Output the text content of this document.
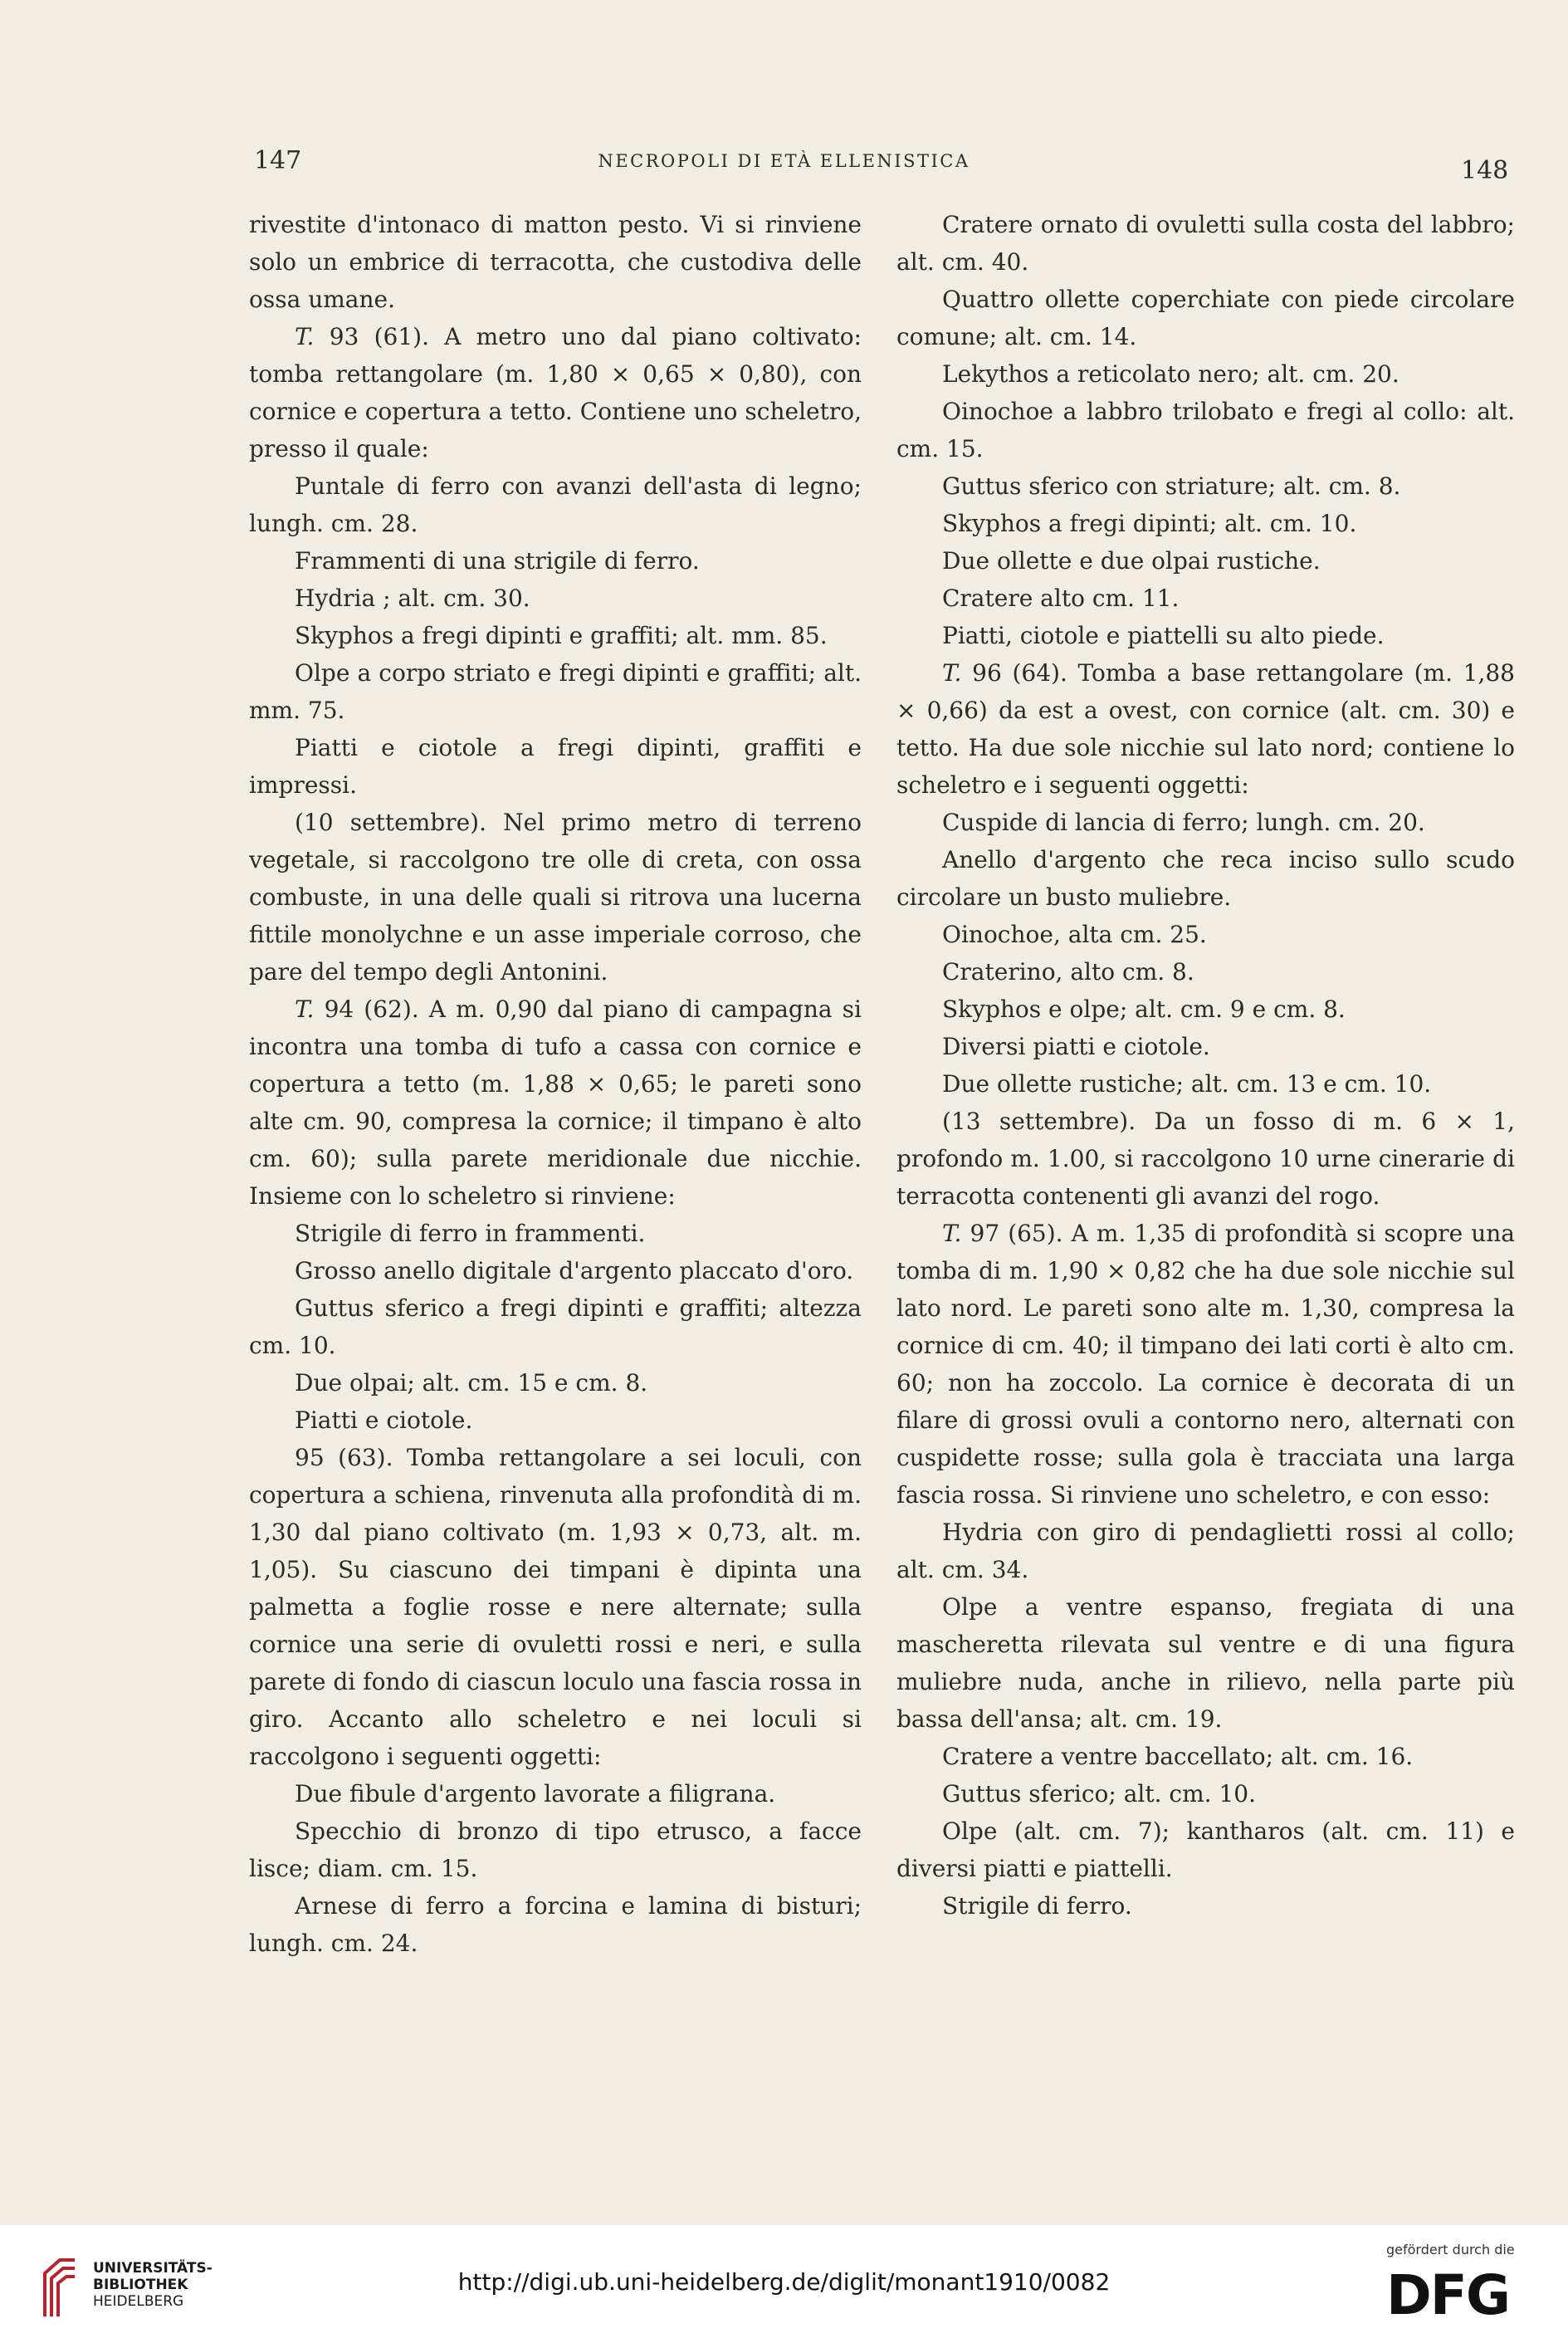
147	NECROPOLI DI ETÀ ELLENISTICA	148

rivestite d'intonaco di matton pesto. Vi si rinviene solo un embrice di terracotta, che custodiva delle ossa umane.

T. 93 (61). A metro uno dal piano coltivato: tomba rettangolare (m. 1,80 × 0,65 × 0,80), con cornice e copertura a tetto. Contiene uno scheletro, presso il quale:

Puntale di ferro con avanzi dell'asta di legno; lungh. cm. 28.

Frammenti di una strigile di ferro.

Hydria ; alt. cm. 30.

Skyphos a fregi dipinti e graffiti; alt. mm. 85.

Olpe a corpo striato e fregi dipinti e graffiti; alt. mm. 75.

Piatti e ciotole a fregi dipinti, graffiti e impressi.

(10 settembre). Nel primo metro di terreno vegetale, si raccolgono tre olle di creta, con ossa combuste, in una delle quali si ritrova una lucerna fittile monolychne e un asse imperiale corroso, che pare del tempo degli Antonini.

T. 94 (62). A m. 0,90 dal piano di campagna si incontra una tomba di tufo a cassa con cornice e copertura a tetto (m. 1,88 × 0,65; le pareti sono alte cm. 90, compresa la cornice; il timpano è alto cm. 60); sulla parete meridionale due nicchie. Insieme con lo scheletro si rinviene:

Strigile di ferro in frammenti.

Grosso anello digitale d'argento placcato d'oro.

Guttus sferico a fregi dipinti e graffiti; altezza cm. 10.

Due olpai; alt. cm. 15 e cm. 8.

Piatti e ciotole.

95 (63). Tomba rettangolare a sei loculi, con copertura a schiena, rinvenuta alla profondità di m. 1,30 dal piano coltivato (m. 1,93 × 0,73, alt. m. 1,05). Su ciascuno dei timpani è dipinta una palmetta a foglie rosse e nere alternate; sulla cornice una serie di ovuletti rossi e neri, e sulla parete di fondo di ciascun loculo una fascia rossa in giro. Accanto allo scheletro e nei loculi si raccolgono i seguenti oggetti:

Due fibule d'argento lavorate a filigrana.

Specchio di bronzo di tipo etrusco, a facce lisce; diam. cm. 15.

Arnese di ferro a forcina e lamina di bisturi; lungh. cm. 24.

Cratere ornato di ovuletti sulla costa del labbro; alt. cm. 40.

Quattro ollette coperchiate con piede circolare comune; alt. cm. 14.

Lekythos a reticolato nero; alt. cm. 20.

Oinochoe a labbro trilobato e fregi al collo: alt. cm. 15.

Guttus sferico con striature; alt. cm. 8.

Skyphos a fregi dipinti; alt. cm. 10.

Due ollette e due olpai rustiche.

Cratere alto cm. 11.

Piatti, ciotole e piattelli su alto piede.

T. 96 (64). Tomba a base rettangolare (m. 1,88 × 0,66) da est a ovest, con cornice (alt. cm. 30) e tetto. Ha due sole nicchie sul lato nord; contiene lo scheletro e i seguenti oggetti:

Cuspide di lancia di ferro; lungh. cm. 20.

Anello d'argento che reca inciso sullo scudo circolare un busto muliebre.

Oinochoe, alta cm. 25.

Craterino, alto cm. 8.

Skyphos e olpe; alt. cm. 9 e cm. 8.

Diversi piatti e ciotole.

Due ollette rustiche; alt. cm. 13 e cm. 10.

(13 settembre). Da un fosso di m. 6 × 1, profondo m. 1.00, si raccolgono 10 urne cinerarie di terracotta contenenti gli avanzi del rogo.

T. 97 (65). A m. 1,35 di profondità si scopre una tomba di m. 1,90 × 0,82 che ha due sole nicchie sul lato nord. Le pareti sono alte m. 1,30, compresa la cornice di cm. 40; il timpano dei lati corti è alto cm. 60; non ha zoccolo. La cornice è decorata di un filare di grossi ovuli a contorno nero, alternati con cuspidette rosse; sulla gola è tracciata una larga fascia rossa. Si rinviene uno scheletro, e con esso:

Hydria con giro di pendaglietti rossi al collo; alt. cm. 34.

Olpe a ventre espanso, fregiata di una mascheretta rilevata sul ventre e di una figura muliebre nuda, anche in rilievo, nella parte più bassa dell'ansa; alt. cm. 19.

Cratere a ventre baccellato; alt. cm. 16.

Guttus sferico; alt. cm. 10.

Olpe (alt. cm. 7); kantharos (alt. cm. 11) e diversi piatti e piattelli.

Strigile di ferro.

UNIVERSITÄTS-
BIBLIOTHEK
HEIDELBERG
http://digi.ub.uni-heidelberg.de/diglit/monant1910/0082
gefördert durch die
DFG
